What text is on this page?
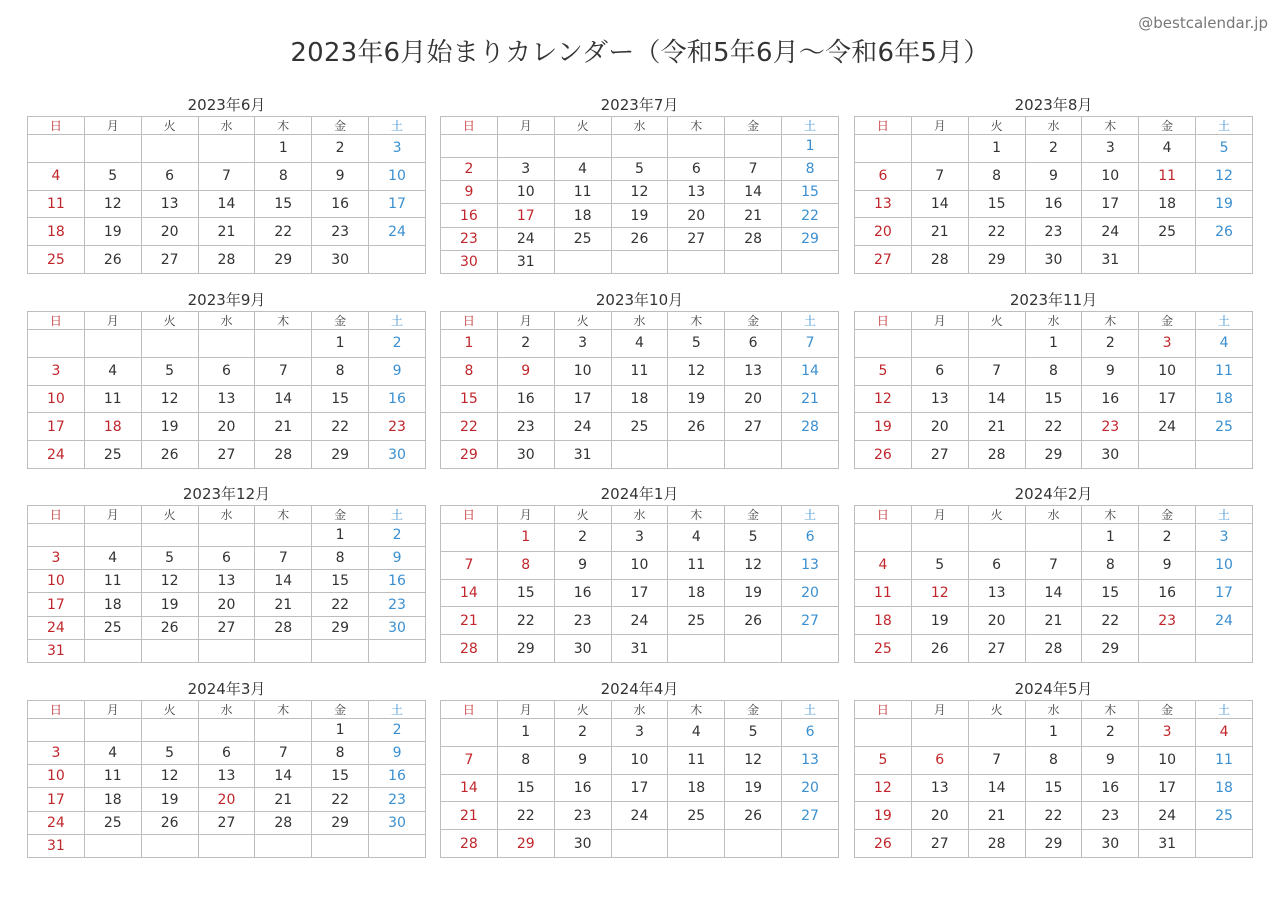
@bestcalendar.jp
2023年6月始まりカレンダー（令和5年6月〜令和6年5月）
2023年6月
日	月	火	水	木	金	土
				1	2	3
4	5	6	7	8	9	10
11	12	13	14	15	16	17
18	19	20	21	22	23	24
25	26	27	28	29	30	
2023年7月
日	月	火	水	木	金	土
						1
2	3	4	5	6	7	8
9	10	11	12	13	14	15
16	17	18	19	20	21	22
23	24	25	26	27	28	29
30	31					
2023年8月
日	月	火	水	木	金	土
		1	2	3	4	5
6	7	8	9	10	11	12
13	14	15	16	17	18	19
20	21	22	23	24	25	26
27	28	29	30	31		
2023年9月
日	月	火	水	木	金	土
					1	2
3	4	5	6	7	8	9
10	11	12	13	14	15	16
17	18	19	20	21	22	23
24	25	26	27	28	29	30
2023年10月
日	月	火	水	木	金	土
1	2	3	4	5	6	7
8	9	10	11	12	13	14
15	16	17	18	19	20	21
22	23	24	25	26	27	28
29	30	31				
2023年11月
日	月	火	水	木	金	土
			1	2	3	4
5	6	7	8	9	10	11
12	13	14	15	16	17	18
19	20	21	22	23	24	25
26	27	28	29	30		
2023年12月
日	月	火	水	木	金	土
					1	2
3	4	5	6	7	8	9
10	11	12	13	14	15	16
17	18	19	20	21	22	23
24	25	26	27	28	29	30
31						
2024年1月
日	月	火	水	木	金	土
	1	2	3	4	5	6
7	8	9	10	11	12	13
14	15	16	17	18	19	20
21	22	23	24	25	26	27
28	29	30	31			
2024年2月
日	月	火	水	木	金	土
				1	2	3
4	5	6	7	8	9	10
11	12	13	14	15	16	17
18	19	20	21	22	23	24
25	26	27	28	29		
2024年3月
日	月	火	水	木	金	土
					1	2
3	4	5	6	7	8	9
10	11	12	13	14	15	16
17	18	19	20	21	22	23
24	25	26	27	28	29	30
31						
2024年4月
日	月	火	水	木	金	土
	1	2	3	4	5	6
7	8	9	10	11	12	13
14	15	16	17	18	19	20
21	22	23	24	25	26	27
28	29	30				
2024年5月
日	月	火	水	木	金	土
			1	2	3	4
5	6	7	8	9	10	11
12	13	14	15	16	17	18
19	20	21	22	23	24	25
26	27	28	29	30	31	
